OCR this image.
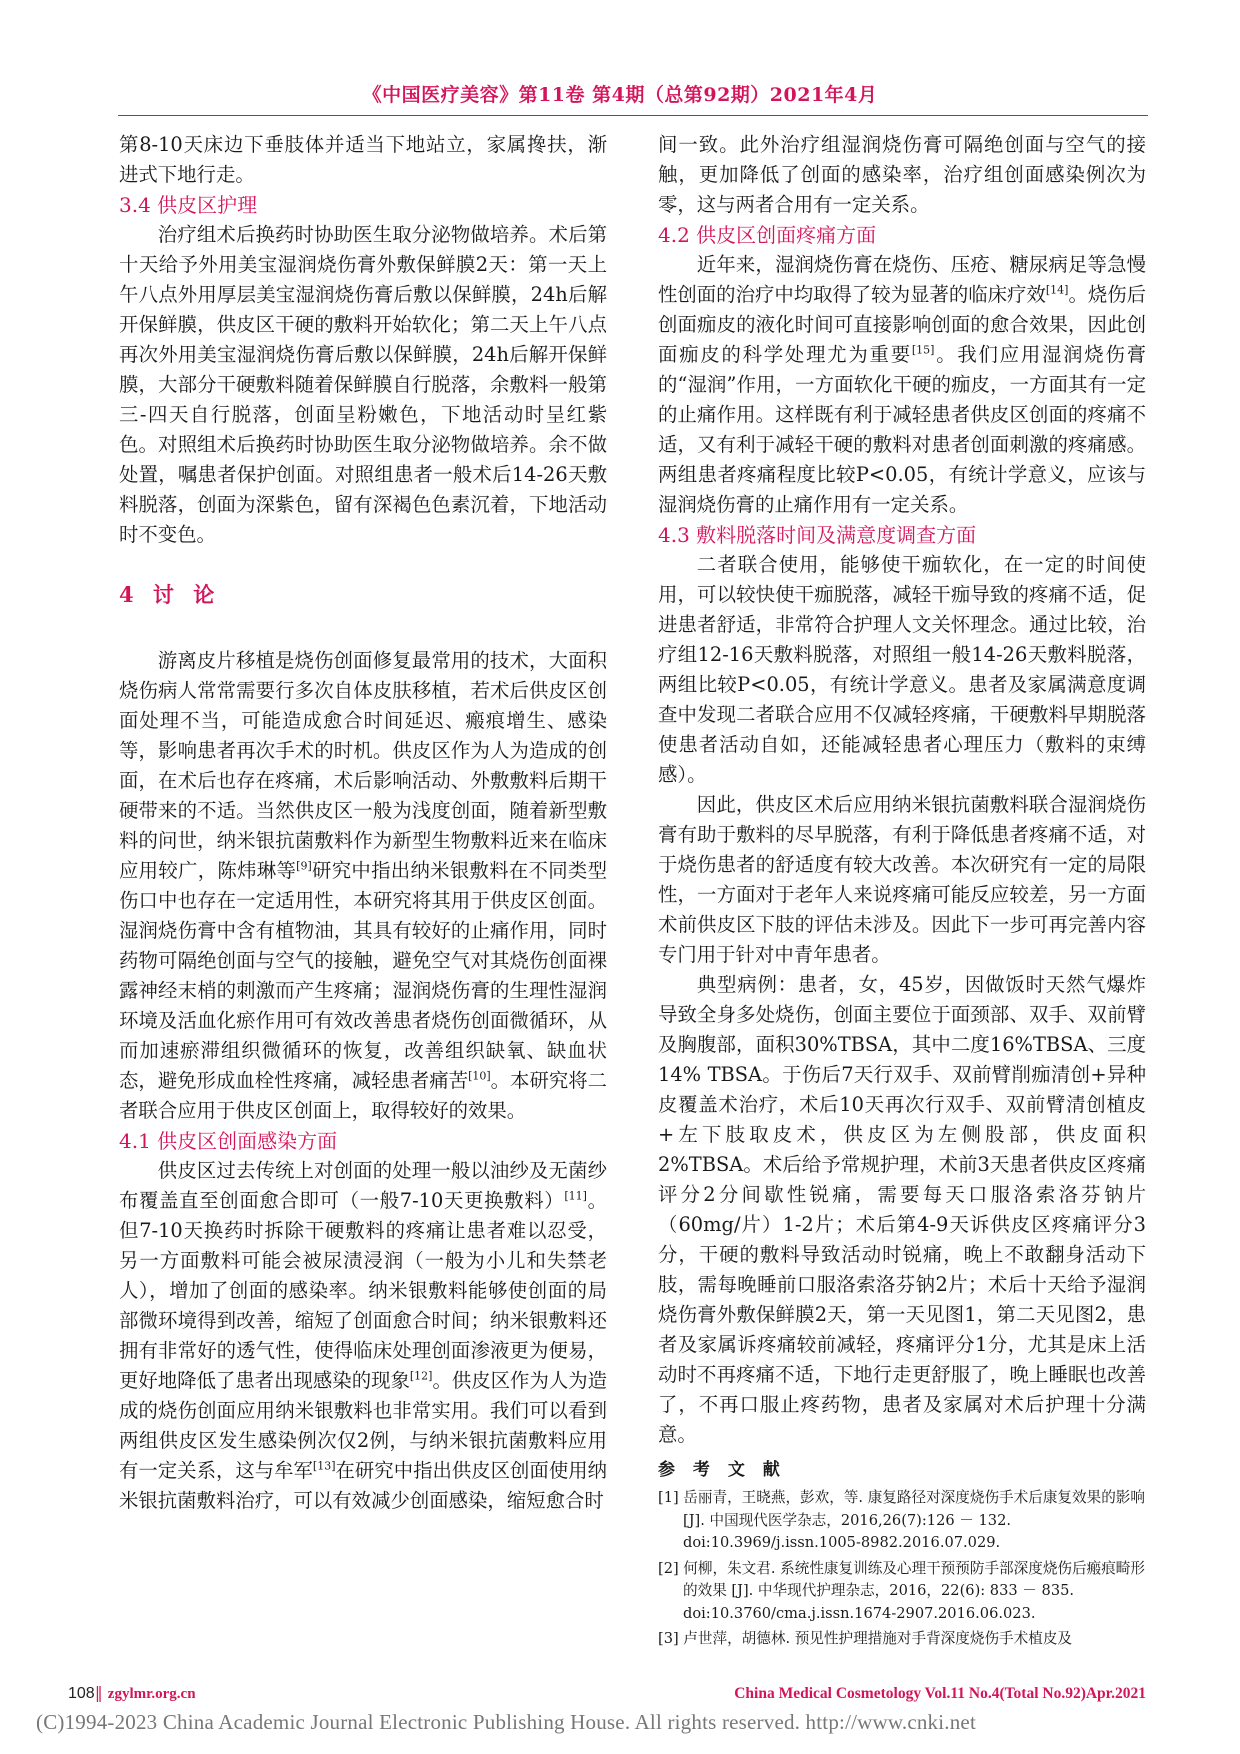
《中国医疗美容》第11卷 第4期（总第92期）2021年4月

第8-10天床边下垂肢体并适当下地站立，家属搀扶，渐进式下地行走。

3.4 供皮区护理

治疗组术后换药时协助医生取分泌物做培养。术后第十天给予外用美宝湿润烧伤膏外敷保鲜膜2天：第一天上午八点外用厚层美宝湿润烧伤膏后敷以保鲜膜，24h后解开保鲜膜，供皮区干硬的敷料开始软化；第二天上午八点再次外用美宝湿润烧伤膏后敷以保鲜膜，24h后解开保鲜膜，大部分干硬敷料随着保鲜膜自行脱落，余敷料一般第三-四天自行脱落，创面呈粉嫩色，下地活动时呈红紫色。对照组术后换药时协助医生取分泌物做培养。余不做处置，嘱患者保护创面。对照组患者一般术后14-26天敷料脱落，创面为深紫色，留有深褐色色素沉着，下地活动时不变色。

4 讨 论

游离皮片移植是烧伤创面修复最常用的技术，大面积烧伤病人常常需要行多次自体皮肤移植，若术后供皮区创面处理不当，可能造成愈合时间延迟、瘢痕增生、感染等，影响患者再次手术的时机。供皮区作为人为造成的创面，在术后也存在疼痛，术后影响活动、外敷敷料后期干硬带来的不适。当然供皮区一般为浅度创面，随着新型敷料的问世，纳米银抗菌敷料作为新型生物敷料近来在临床应用较广，陈炜琳等[9]研究中指出纳米银敷料在不同类型伤口中也存在一定适用性，本研究将其用于供皮区创面。湿润烧伤膏中含有植物油，其具有较好的止痛作用，同时药物可隔绝创面与空气的接触，避免空气对其烧伤创面裸露神经末梢的刺激而产生疼痛；湿润烧伤膏的生理性湿润环境及活血化瘀作用可有效改善患者烧伤创面微循环，从而加速瘀滞组织微循环的恢复，改善组织缺氧、缺血状态，避免形成血栓性疼痛，减轻患者痛苦[10]。本研究将二者联合应用于供皮区创面上，取得较好的效果。

4.1 供皮区创面感染方面

供皮区过去传统上对创面的处理一般以油纱及无菌纱布覆盖直至创面愈合即可（一般7-10天更换敷料）[11]。但7-10天换药时拆除干硬敷料的疼痛让患者难以忍受，另一方面敷料可能会被尿渍浸润（一般为小儿和失禁老人），增加了创面的感染率。纳米银敷料能够使创面的局部微环境得到改善，缩短了创面愈合时间；纳米银敷料还拥有非常好的透气性，使得临床处理创面渗液更为便易，更好地降低了患者出现感染的现象[12]。供皮区作为人为造成的烧伤创面应用纳米银敷料也非常实用。我们可以看到两组供皮区发生感染例次仅2例，与纳米银抗菌敷料应用有一定关系，这与牟军[13]在研究中指出供皮区创面使用纳米银抗菌敷料治疗，可以有效减少创面感染，缩短愈合时

间一致。此外治疗组湿润烧伤膏可隔绝创面与空气的接触，更加降低了创面的感染率，治疗组创面感染例次为零，这与两者合用有一定关系。

4.2 供皮区创面疼痛方面

近年来，湿润烧伤膏在烧伤、压疮、糖尿病足等急慢性创面的治疗中均取得了较为显著的临床疗效[14]。烧伤后创面痂皮的液化时间可直接影响创面的愈合效果，因此创面痂皮的科学处理尤为重要[15]。我们应用湿润烧伤膏的“湿润”作用，一方面软化干硬的痂皮，一方面其有一定的止痛作用。这样既有利于减轻患者供皮区创面的疼痛不适，又有利于减轻干硬的敷料对患者创面刺激的疼痛感。两组患者疼痛程度比较P<0.05，有统计学意义，应该与湿润烧伤膏的止痛作用有一定关系。

4.3 敷料脱落时间及满意度调查方面

二者联合使用，能够使干痂软化，在一定的时间使用，可以较快使干痂脱落，减轻干痂导致的疼痛不适，促进患者舒适，非常符合护理人文关怀理念。通过比较，治疗组12-16天敷料脱落，对照组一般14-26天敷料脱落，两组比较P<0.05，有统计学意义。患者及家属满意度调查中发现二者联合应用不仅减轻疼痛，干硬敷料早期脱落使患者活动自如，还能减轻患者心理压力（敷料的束缚感）。

因此，供皮区术后应用纳米银抗菌敷料联合湿润烧伤膏有助于敷料的尽早脱落，有利于降低患者疼痛不适，对于烧伤患者的舒适度有较大改善。本次研究有一定的局限性，一方面对于老年人来说疼痛可能反应较差，另一方面术前供皮区下肢的评估未涉及。因此下一步可再完善内容专门用于针对中青年患者。

典型病例：患者，女，45岁，因做饭时天然气爆炸导致全身多处烧伤，创面主要位于面颈部、双手、双前臂及胸腹部，面积30%TBSA，其中二度16%TBSA、三度14% TBSA。于伤后7天行双手、双前臂削痂清创+异种皮覆盖术治疗，术后10天再次行双手、双前臂清创植皮+左下肢取皮术，供皮区为左侧股部，供皮面积2%TBSA。术后给予常规护理，术前3天患者供皮区疼痛评分2分间歇性锐痛，需要每天口服洛索洛芬钠片（60mg/片）1-2片；术后第4-9天诉供皮区疼痛评分3分，干硬的敷料导致活动时锐痛，晚上不敢翻身活动下肢，需每晚睡前口服洛索洛芬钠2片；术后十天给予湿润烧伤膏外敷保鲜膜2天，第一天见图1，第二天见图2，患者及家属诉疼痛较前减轻，疼痛评分1分，尤其是床上活动时不再疼痛不适，下地行走更舒服了，晚上睡眠也改善了，不再口服止疼药物，患者及家属对术后护理十分满意。

参 考 文 献

[1] 岳丽青，王晓燕，彭欢，等. 康复路径对深度烧伤手术后康复效果的影响 [J]. 中国现代医学杂志，2016,26(7):126 － 132. doi:10.3969/j.issn.1005-8982.2016.07.029.

[2] 何柳，朱文君. 系统性康复训练及心理干预预防手部深度烧伤后瘢痕畸形的效果 [J]. 中华现代护理杂志，2016，22(6): 833 － 835. doi:10.3760/cma.j.issn.1674-2907.2016.06.023.

[3] 卢世萍，胡德林. 预见性护理措施对手背深度烧伤手术植皮及

108‖ zgylmr.org.cn	China Medical Cosmetology Vol.11 No.4(Total No.92)Apr.2021
(C)1994-2023 China Academic Journal Electronic Publishing House. All rights reserved. http://www.cnki.net
